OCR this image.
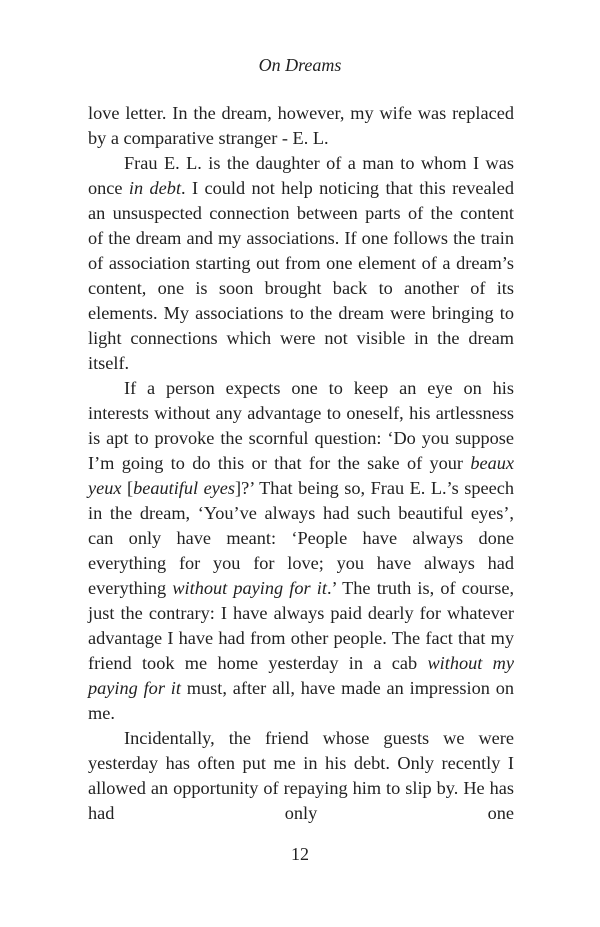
On Dreams

love letter. In the dream, however, my wife was replaced by a comparative stranger - E. L.

Frau E. L. is the daughter of a man to whom I was once in debt. I could not help noticing that this revealed an unsuspected connection between parts of the content of the dream and my associations. If one follows the train of association starting out from one element of a dream’s content, one is soon brought back to another of its elements. My associations to the dream were bringing to light connections which were not visible in the dream itself.

If a person expects one to keep an eye on his interests without any advantage to oneself, his artlessness is apt to provoke the scornful question: ‘Do you suppose I’m going to do this or that for the sake of your beaux yeux [beautiful eyes]?’ That being so, Frau E. L.’s speech in the dream, ‘You’ve always had such beautiful eyes’, can only have meant: ‘People have always done everything for you for love; you have always had everything without paying for it.’ The truth is, of course, just the contrary: I have always paid dearly for whatever advantage I have had from other people. The fact that my friend took me home yesterday in a cab without my paying for it must, after all, have made an impression on me.

Incidentally, the friend whose guests we were yesterday has often put me in his debt. Only recently I allowed an opportunity of repaying him to slip by. He has had only one

12
